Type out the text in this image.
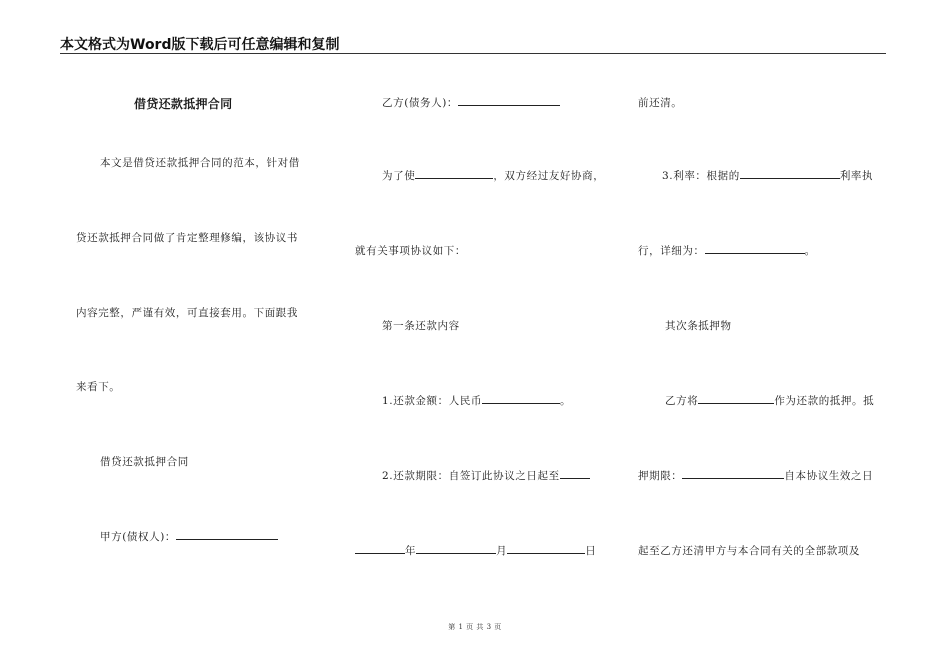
本文格式为Word版下载后可任意编辑和复制
借贷还款抵押合同
本文是借贷还款抵押合同的范本，针对借
贷还款抵押合同做了肯定整理修编，该协议书
内容完整，严谨有效，可直接套用。下面跟我
来看下。
借贷还款抵押合同
甲方(债权人)：
乙方(债务人)：
为了使	，双方经过友好协商，
就有关事项协议如下：
第一条还款内容
1.还款金额：人民币	。
2.还款期限：自签订此协议之日起至
年	月	日
前还清。
3.利率：根据的	利率执
行，详细为：	。
其次条抵押物
乙方将	作为还款的抵押。抵
押期限：	自本协议生效之日
起至乙方还清甲方与本合同有关的全部款项及
第 1 页 共 3 页
